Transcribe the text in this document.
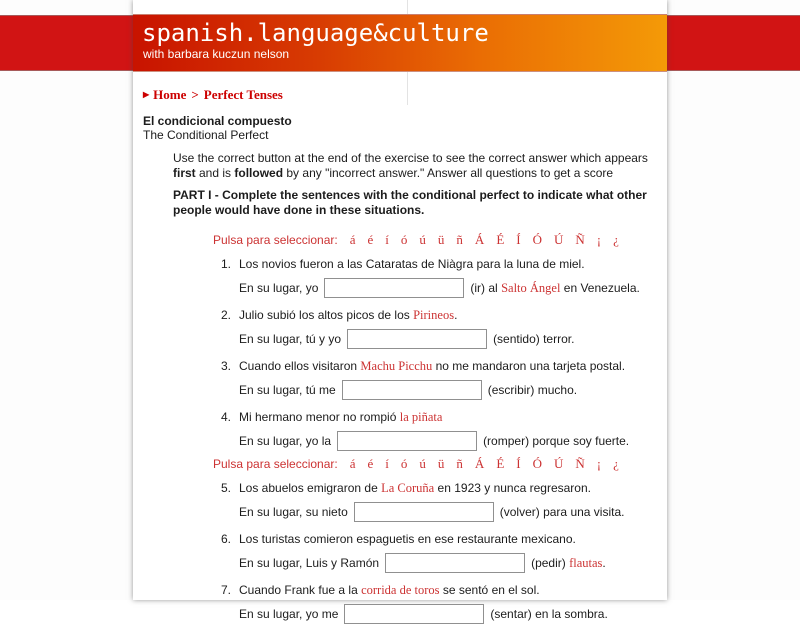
spanish.language&culture
with barbara kuczun nelson
▶ Home > Perfect Tenses
El condicional compuesto
The Conditional Perfect
Use the correct button at the end of the exercise to see the correct answer which appears first and is followed by any "incorrect answer." Answer all questions to get a score
PART I - Complete the sentences with the conditional perfect to indicate what other people would have done in these situations.
Pulsa para seleccionar: á é í ó ú ü ñ Á É Í Ó Ú Ñ ¡ ¿
1. Los novios fueron a las Cataratas de Niàgra para la luna de miel.
En su lugar, yo	(ir) al Salto Ángel en Venezuela.
2. Julio subió los altos picos de los Pirineos.
En su lugar, tú y yo	(sentido) terror.
3. Cuando ellos visitaron Machu Picchu no me mandaron una tarjeta postal.
En su lugar, tú me	(escribir) mucho.
4. Mi hermano menor no rompió la piñata
En su lugar, yo la	(romper) porque soy fuerte.
Pulsa para seleccionar: á é í ó ú ü ñ Á É Í Ó Ú Ñ ¡ ¿
5. Los abuelos emigraron de La Coruña en 1923 y nunca regresaron.
En su lugar, su nieto	(volver) para una visita.
6. Los turistas comieron espaguetis en ese restaurante mexicano.
En su lugar, Luis y Ramón	(pedir) flautas.
7. Cuando Frank fue a la corrida de toros se sentó en el sol.
En su lugar, yo me	(sentar) en la sombra.
